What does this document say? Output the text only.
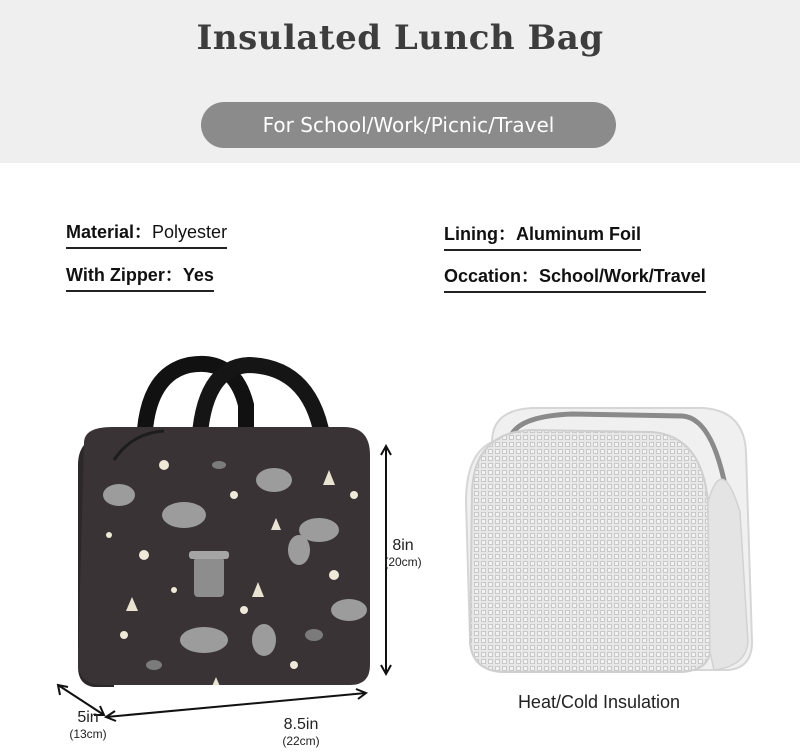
Insulated Lunch Bag
For School/Work/Picnic/Travel
Material：Polyester
With Zipper：Yes
Lining：Aluminum Foil
Occation：School/Work/Travel
8in
(20cm)
8.5in
(22cm)
5in
(13cm)
Heat/Cold Insulation
